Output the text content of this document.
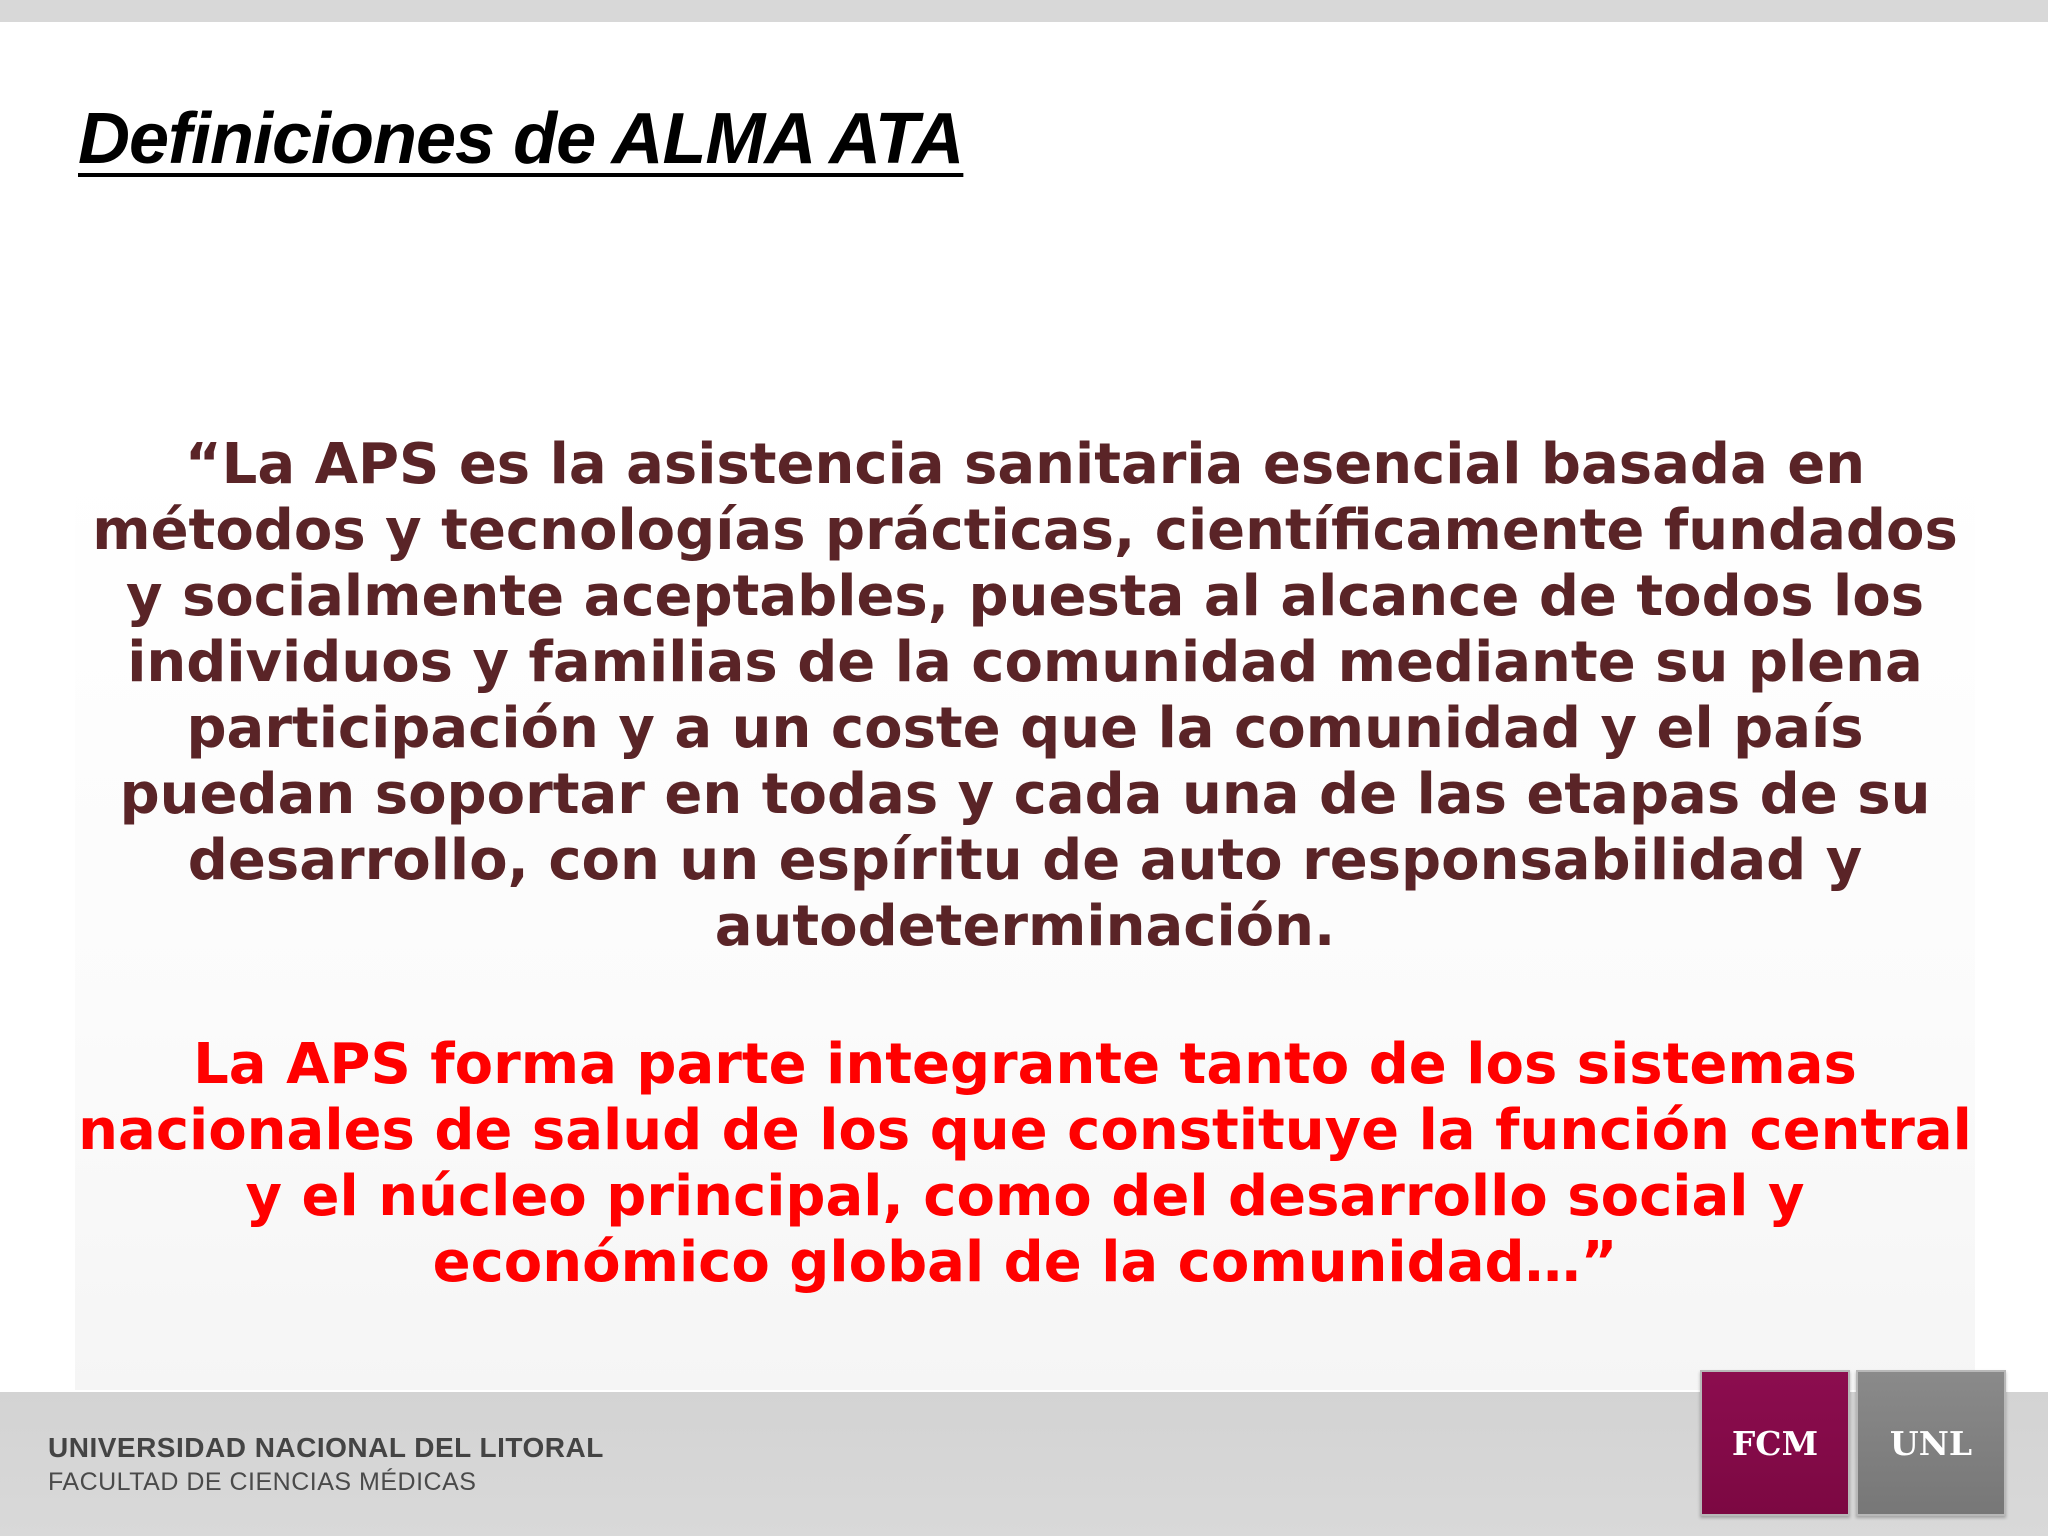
Definiciones de ALMA ATA

“La APS es la asistencia sanitaria esencial basada en métodos y tecnologías prácticas, científicamente fundados y socialmente aceptables, puesta al alcance de todos los individuos y familias de la comunidad mediante su plena participación y a un coste que la comunidad y el país puedan soportar en todas y cada una de las etapas de su desarrollo, con un espíritu de auto responsabilidad y autodeterminación.

La APS forma parte integrante tanto de los sistemas nacionales de salud de los que constituye la función central y el núcleo principal, como del desarrollo social y económico global de la comunidad…”

UNIVERSIDAD NACIONAL DEL LITORAL
FACULTAD DE CIENCIAS MÉDICAS
FCM	UNL
